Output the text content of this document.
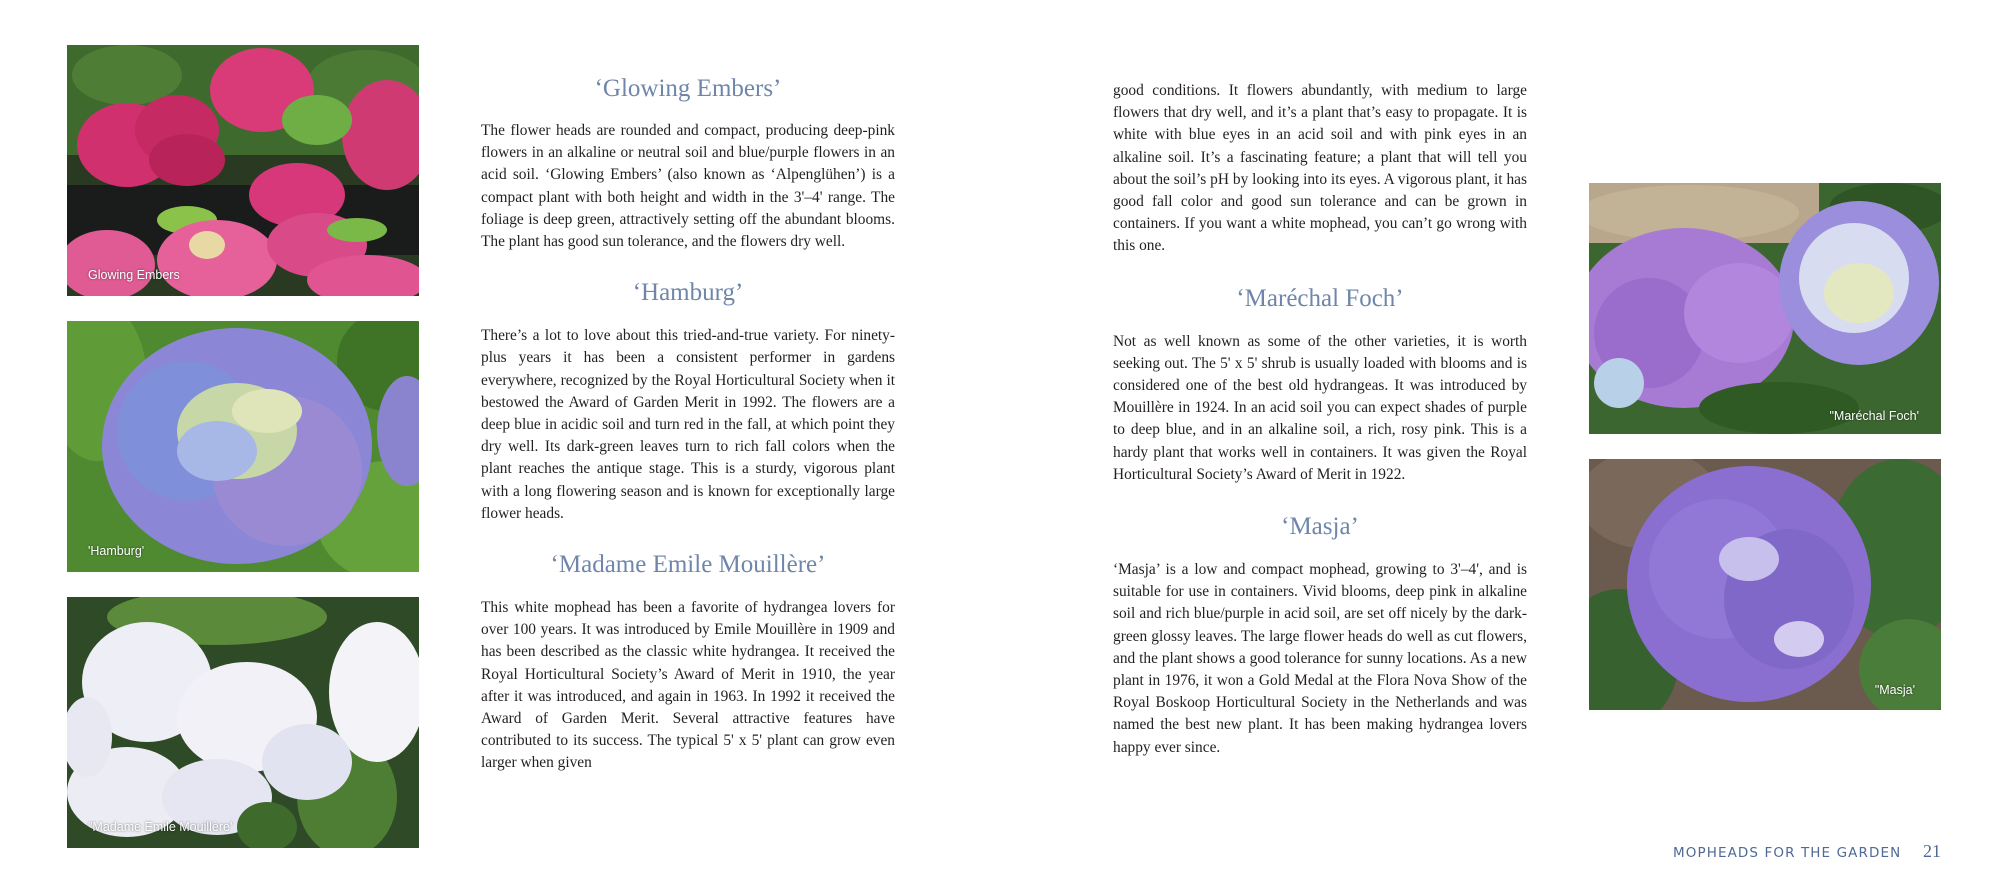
Glowing Embers
'Hamburg'
"Madame Emile Mouillère'
‘Glowing Embers’

The flower heads are rounded and compact, producing deep-pink flowers in an alkaline or neutral soil and blue/purple flowers in an acid soil. ‘Glowing Embers’ (also known as ‘Alpenglühen’) is a compact plant with both height and width in the 3'–4' range. The foliage is deep green, attractively setting off the abundant blooms. The plant has good sun tolerance, and the flowers dry well.

‘Hamburg’

There’s a lot to love about this tried-and-true variety. For ninety-plus years it has been a consistent performer in gardens everywhere, recognized by the Royal Horticultural Society when it bestowed the Award of Garden Merit in 1992. The flowers are a deep blue in acidic soil and turn red in the fall, at which point they dry well. Its dark-green leaves turn to rich fall colors when the plant reaches the antique stage. This is a sturdy, vigorous plant with a long flowering season and is known for exceptionally large flower heads.

‘Madame Emile Mouillère’

This white mophead has been a favorite of hydrangea lovers for over 100 years. It was introduced by Emile Mouillère in 1909 and has been described as the classic white hydrangea. It received the Royal Horticultural Society’s Award of Merit in 1910, the year after it was introduced, and again in 1963. In 1992 it received the Award of Garden Merit. Several attractive features have contributed to its success. The typical 5' x 5' plant can grow even larger when given

good conditions. It flowers abundantly, with medium to large flowers that dry well, and it’s a plant that’s easy to propagate. It is white with blue eyes in an acid soil and with pink eyes in an alkaline soil. It’s a fascinating feature; a plant that will tell you about the soil’s pH by looking into its eyes. A vigorous plant, it has good fall color and good sun tolerance and can be grown in containers. If you want a white mophead, you can’t go wrong with this one.

‘Maréchal Foch’

Not as well known as some of the other varieties, it is worth seeking out. The 5' x 5' shrub is usually loaded with blooms and is considered one of the best old hydrangeas. It was introduced by Mouillère in 1924. In an acid soil you can expect shades of purple to deep blue, and in an alkaline soil, a rich, rosy pink. This is a hardy plant that works well in containers. It was given the Royal Horticultural Society’s Award of Merit in 1922.

‘Masja’

‘Masja’ is a low and compact mophead, growing to 3'–4', and is suitable for use in containers. Vivid blooms, deep pink in alkaline soil and rich blue/purple in acid soil, are set off nicely by the dark-green glossy leaves. The large flower heads do well as cut flowers, and the plant shows a good tolerance for sunny locations. As a new plant in 1976, it won a Gold Medal at the Flora Nova Show of the Royal Boskoop Horticultural Society in the Netherlands and was named the best new plant. It has been making hydrangea lovers happy ever since.

"Maréchal Foch'
"Masja'
MOPHEADS FOR THE GARDEN 21
